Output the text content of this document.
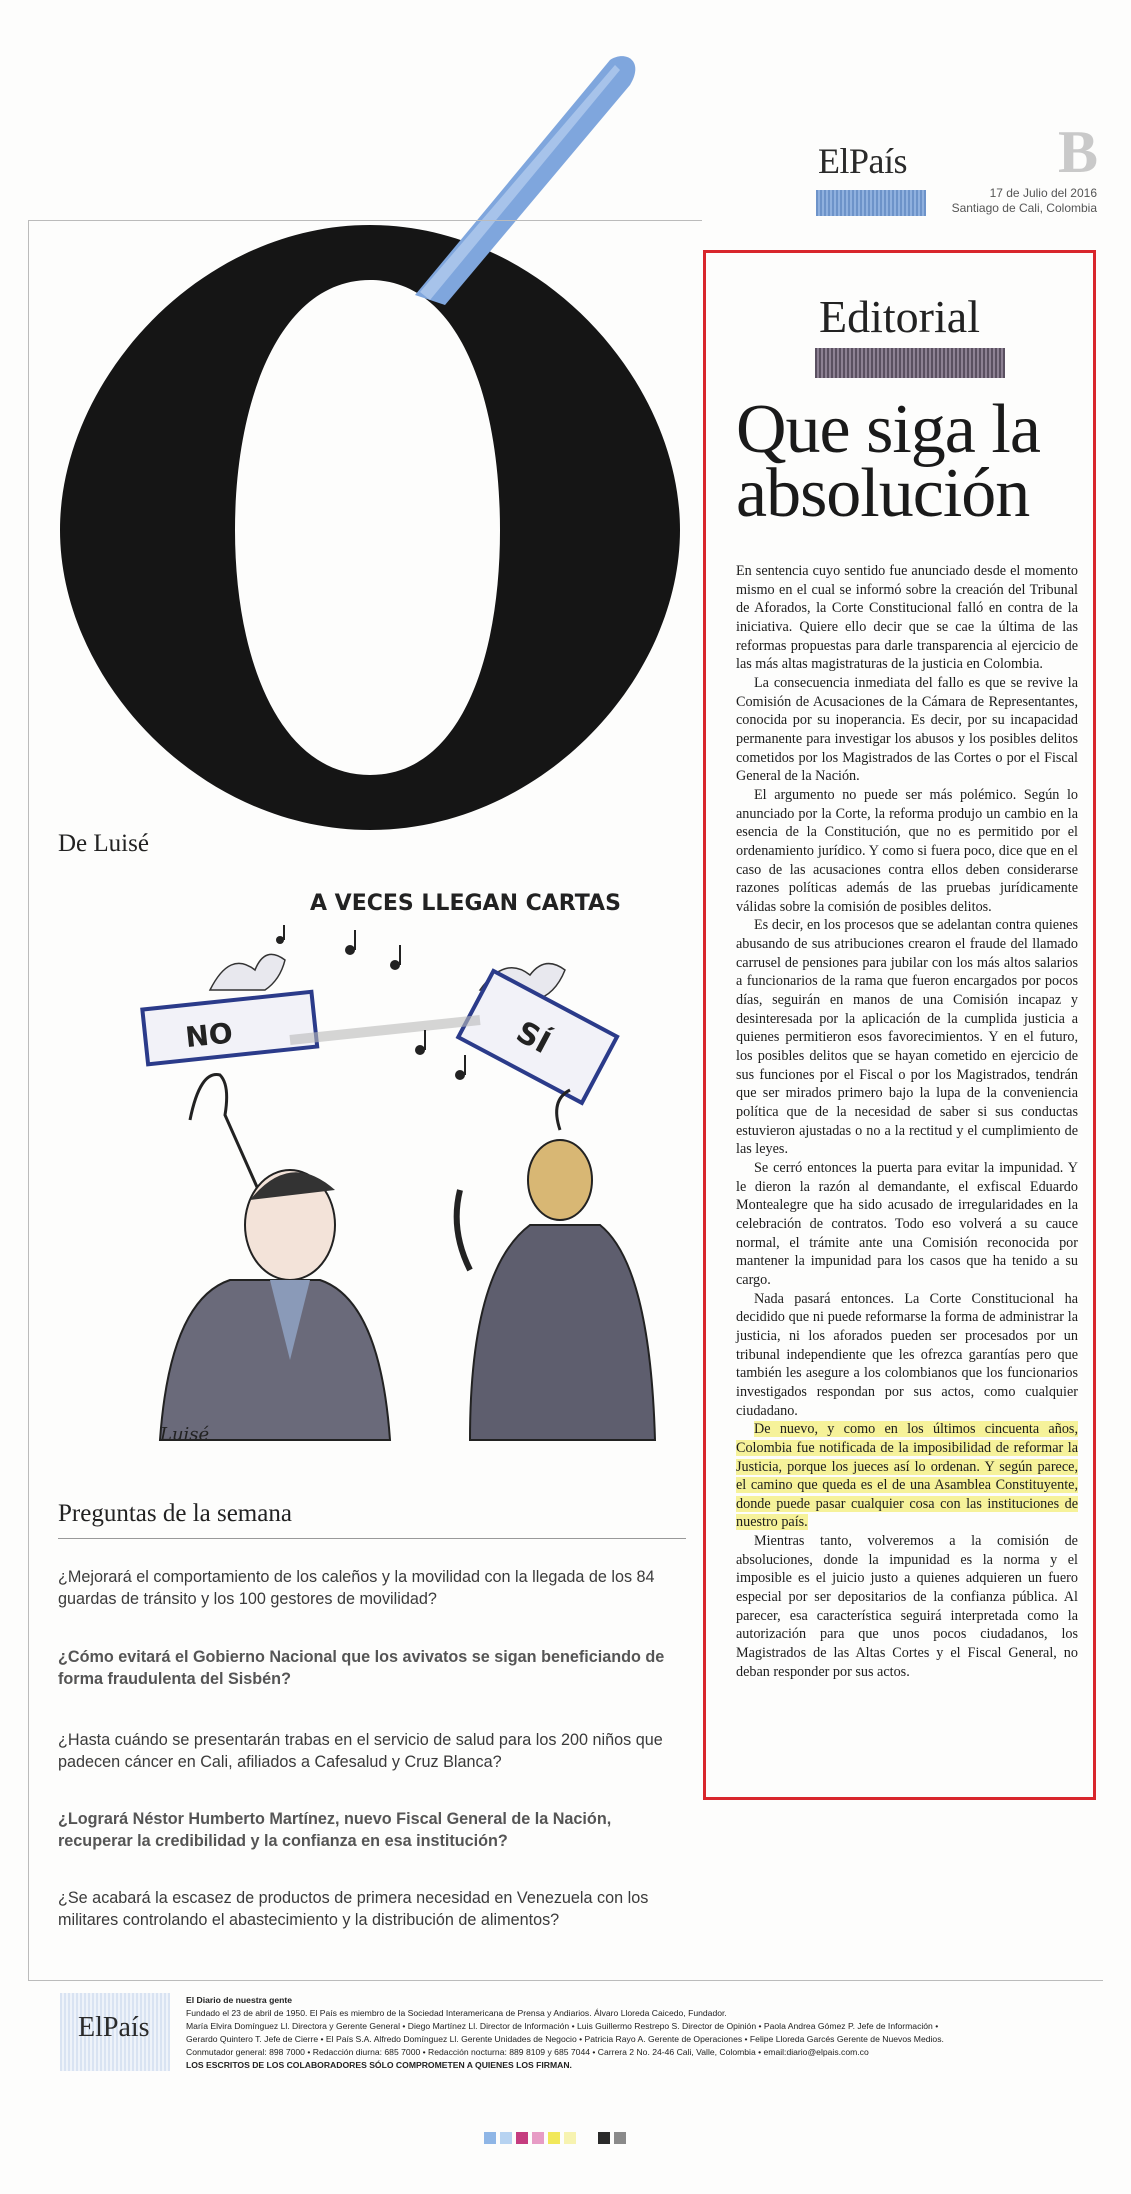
ElPaís	B
17 de Julio del 2016
Santiago de Cali, Colombia
Editorial
Que siga la
absolución

En sentencia cuyo sentido fue anunciado desde el momento mismo en el cual se informó sobre la creación del Tribunal de Aforados, la Corte Constitucional falló en contra de la iniciativa. Quiere ello decir que se cae la última de las reformas propuestas para darle transparencia al ejercicio de las más altas magistraturas de la justicia en Colombia.

La consecuencia inmediata del fallo es que se revive la Comisión de Acusaciones de la Cámara de Representantes, conocida por su inoperancia. Es decir, por su incapacidad permanente para investigar los abusos y los posibles delitos cometidos por los Magistrados de las Cortes o por el Fiscal General de la Nación.

El argumento no puede ser más polémico. Según lo anunciado por la Corte, la reforma produjo un cambio en la esencia de la Constitución, que no es permitido por el ordenamiento jurídico. Y como si fuera poco, dice que en el caso de las acusaciones contra ellos deben considerarse razones políticas además de las pruebas jurídicamente válidas sobre la comisión de posibles delitos.

Es decir, en los procesos que se adelantan contra quienes abusando de sus atribuciones crearon el fraude del llamado carrusel de pensiones para jubilar con los más altos salarios a funcionarios de la rama que fueron encargados por pocos días, seguirán en manos de una Comisión incapaz y desinteresada por la aplicación de la cumplida justicia a quienes permitieron esos favorecimientos. Y en el futuro, los posibles delitos que se hayan cometido en ejercicio de sus funciones por el Fiscal o por los Magistrados, tendrán que ser mirados primero bajo la lupa de la conveniencia política que de la necesidad de saber si sus conductas estuvieron ajustadas o no a la rectitud y el cumplimiento de las leyes.

Se cerró entonces la puerta para evitar la impunidad. Y le dieron la razón al demandante, el exfiscal Eduardo Montealegre que ha sido acusado de irregularidades en la celebración de contratos. Todo eso volverá a su cauce normal, el trámite ante una Comisión reconocida por mantener la impunidad para los casos que ha tenido a su cargo.

Nada pasará entonces. La Corte Constitucional ha decidido que ni puede reformarse la forma de administrar la justicia, ni los aforados pueden ser procesados por un tribunal independiente que les ofrezca garantías pero que también les asegure a los colombianos que los funcionarios investigados respondan por sus actos, como cualquier ciudadano.

De nuevo, y como en los últimos cincuenta años, Colombia fue notificada de la imposibilidad de reformar la Justicia, porque los jueces así lo ordenan. Y según parece, el camino que queda es el de una Asamblea Constituyente, donde puede pasar cualquier cosa con las instituciones de nuestro país.

Mientras tanto, volveremos a la comisión de absoluciones, donde la impunidad es la norma y el imposible es el juicio justo a quienes adquieren un fuero especial por ser depositarios de la confianza pública. Al parecer, esa característica seguirá interpretada como la autorización para que unos pocos ciudadanos, los Magistrados de las Altas Cortes y el Fiscal General, no deban responder por sus actos.

De Luisé
A VECES LLEGAN CARTAS
NO	SÍ
Luisé
Preguntas de la semana
¿Mejorará el comportamiento de los caleños y la movilidad con la llegada de los 84 guardas de tránsito y los 100 gestores de movilidad?
¿Cómo evitará el Gobierno Nacional que los avivatos se sigan beneficiando de forma fraudulenta del Sisbén?
¿Hasta cuándo se presentarán trabas en el servicio de salud para los 200 niños que padecen cáncer en Cali, afiliados a Cafesalud y Cruz Blanca?
¿Logrará Néstor Humberto Martínez, nuevo Fiscal General de la Nación, recuperar la credibilidad y la confianza en esa institución?
¿Se acabará la escasez de productos de primera necesidad en Venezuela con los militares controlando el abastecimiento y la distribución de alimentos?
ElPaís
El Diario de nuestra gente
Fundado el 23 de abril de 1950. El País es miembro de la Sociedad Interamericana de Prensa y Andiarios. Álvaro Lloreda Caicedo, Fundador.
María Elvira Domínguez Ll. Directora y Gerente General • Diego Martínez Ll. Director de Información • Luis Guillermo Restrepo S. Director de Opinión • Paola Andrea Gómez P. Jefe de Información •
Gerardo Quintero T. Jefe de Cierre • El País S.A. Alfredo Domínguez Ll. Gerente Unidades de Negocio • Patricia Rayo A. Gerente de Operaciones • Felipe Lloreda Garcés Gerente de Nuevos Medios.
Conmutador general: 898 7000 • Redacción diurna: 685 7000 • Redacción nocturna: 889 8109 y 685 7044 • Carrera 2 No. 24-46 Cali, Valle, Colombia • email:diario@elpais.com.co
LOS ESCRITOS DE LOS COLABORADORES SÓLO COMPROMETEN A QUIENES LOS FIRMAN.
